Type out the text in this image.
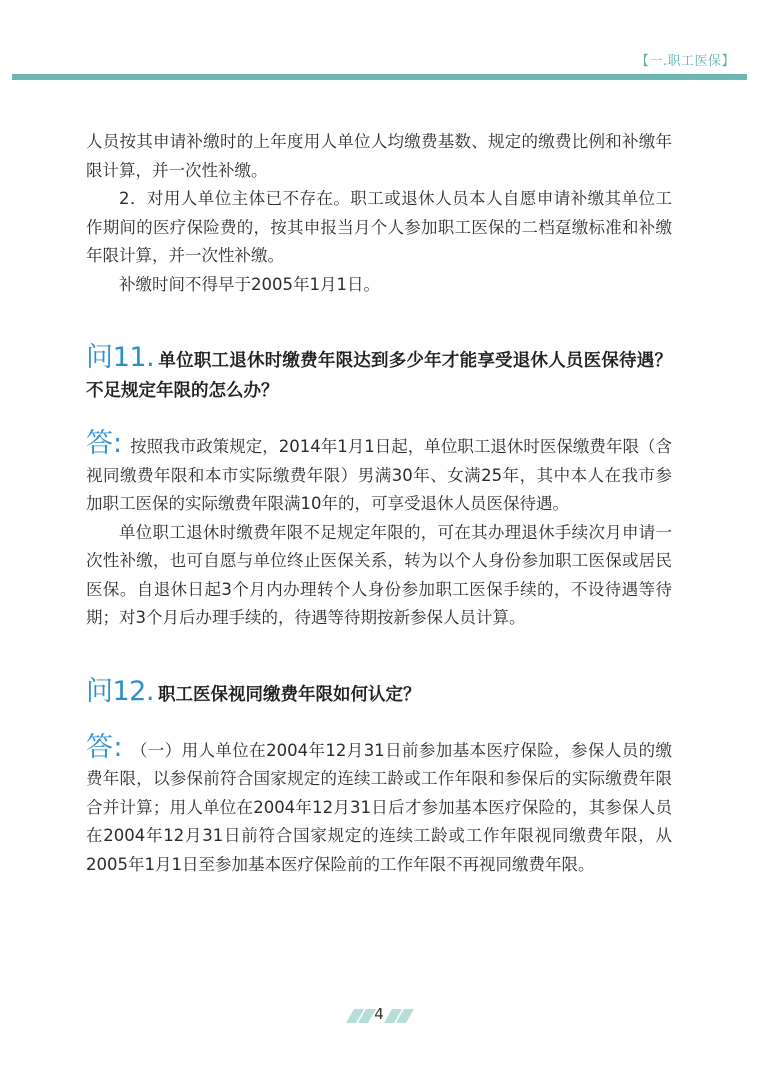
【一.职工医保】

人员按其申请补缴时的上年度用人单位人均缴费基数、规定的缴费比例和补缴年限计算，并一次性补缴。

2．对用人单位主体已不存在。职工或退休人员本人自愿申请补缴其单位工作期间的医疗保险费的，按其申报当月个人参加职工医保的二档趸缴标准和补缴年限计算，并一次性补缴。

补缴时间不得早于2005年1月1日。

问11. 单位职工退休时缴费年限达到多少年才能享受退休人员医保待遇？不足规定年限的怎么办？

答: 按照我市政策规定，2014年1月1日起，单位职工退休时医保缴费年限（含视同缴费年限和本市实际缴费年限）男满30年、女满25年，其中本人在我市参加职工医保的实际缴费年限满10年的，可享受退休人员医保待遇。

单位职工退休时缴费年限不足规定年限的，可在其办理退休手续次月申请一次性补缴，也可自愿与单位终止医保关系，转为以个人身份参加职工医保或居民医保。自退休日起3个月内办理转个人身份参加职工医保手续的，不设待遇等待期；对3个月后办理手续的，待遇等待期按新参保人员计算。

问12. 职工医保视同缴费年限如何认定？

答: （一）用人单位在2004年12月31日前参加基本医疗保险，参保人员的缴费年限，以参保前符合国家规定的连续工龄或工作年限和参保后的实际缴费年限合并计算；用人单位在2004年12月31日后才参加基本医疗保险的，其参保人员在2004年12月31日前符合国家规定的连续工龄或工作年限视同缴费年限，从2005年1月1日至参加基本医疗保险前的工作年限不再视同缴费年限。

4
